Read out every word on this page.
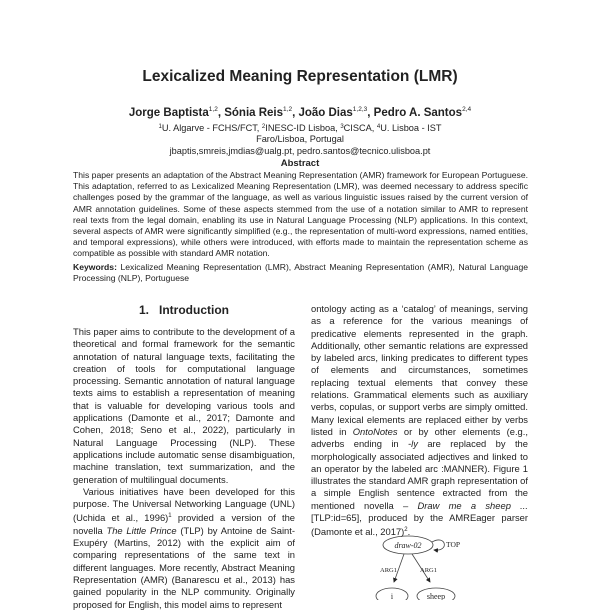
Lexicalized Meaning Representation (LMR)
Jorge Baptista$^{1,2}$, Sónia Reis$^{1,2}$, João Dias$^{1,2,3}$, Pedro A. Santos$^{2,4}$
$^1$U. Algarve - FCHS/FCT, $^2$INESC-ID Lisboa, $^3$CISCA, $^4$U. Lisboa - IST
Faro/Lisboa, Portugal
jbaptis,smreis,jmdias@ualg.pt, pedro.santos@tecnico.ulisboa.pt
Abstract
This paper presents an adaptation of the Abstract Meaning Representation (AMR) framework for European Portuguese. This adaptation, referred to as Lexicalized Meaning Representation (LMR), was deemed necessary to address specific challenges posed by the grammar of the language, as well as various linguistic issues raised by the current version of AMR annotation guidelines. Some of these aspects stemmed from the use of a notation similar to AMR to represent real texts from the legal domain, enabling its use in Natural Language Processing (NLP) applications. In this context, several aspects of AMR were significantly simplified (e.g., the representation of multi-word expressions, named entities, and temporal expressions), while others were introduced, with efforts made to maintain the representation scheme as compatible as possible with standard AMR notation.
Keywords: Lexicalized Meaning Representation (LMR), Abstract Meaning Representation (AMR), Natural Language Processing (NLP), Portuguese
1. Introduction

This paper aims to contribute to the development of a theoretical and formal framework for the semantic annotation of natural language texts, facilitating the creation of tools for computational language processing. Semantic annotation of natural language texts aims to establish a representation of meaning that is valuable for developing various tools and applications (Damonte et al., 2017; Damonte and Cohen, 2018; Seno et al., 2022), particularly in Natural Language Processing (NLP). These applications include automatic sense disambiguation, machine translation, text summarization, and the generation of multilingual documents.

Various initiatives have been developed for this purpose. The Universal Networking Language (UNL) (Uchida et al., 1996)$^1$ provided a version of the novella The Little Prince (TLP) by Antoine de Saint-Exupéry (Martins, 2012) with the explicit aim of comparing representations of the same text in different languages. More recently, Abstract Meaning Representation (AMR) (Banarescu et al., 2013) has gained popularity in the NLP community. Originally proposed for English, this model aims to represent

ontology acting as a ‘catalog’ of meanings, serving as a reference for the various meanings of predicative elements represented in the graph. Additionally, other semantic relations are expressed by labeled arcs, linking predicates to different types of elements and circumstances, sometimes replacing textual elements that convey these relations. Grammatical elements such as auxiliary verbs, copulas, or support verbs are simply omitted. Many lexical elements are replaced either by verbs listed in OntoNotes or by other elements (e.g., adverbs ending in -ly are replaced by the morphologically associated adjectives and linked to an operator by the labeled arc :MANNER). Figure 1 illustrates the standard AMR graph representation of a simple English sentence extracted from the mentioned novella – Draw me a sheep ... [TLP:id=65], produced by the AMREager parser (Damonte et al., 2017)$^2$.

draw-02	TOP
ARG1	ARG1
i	sheep
